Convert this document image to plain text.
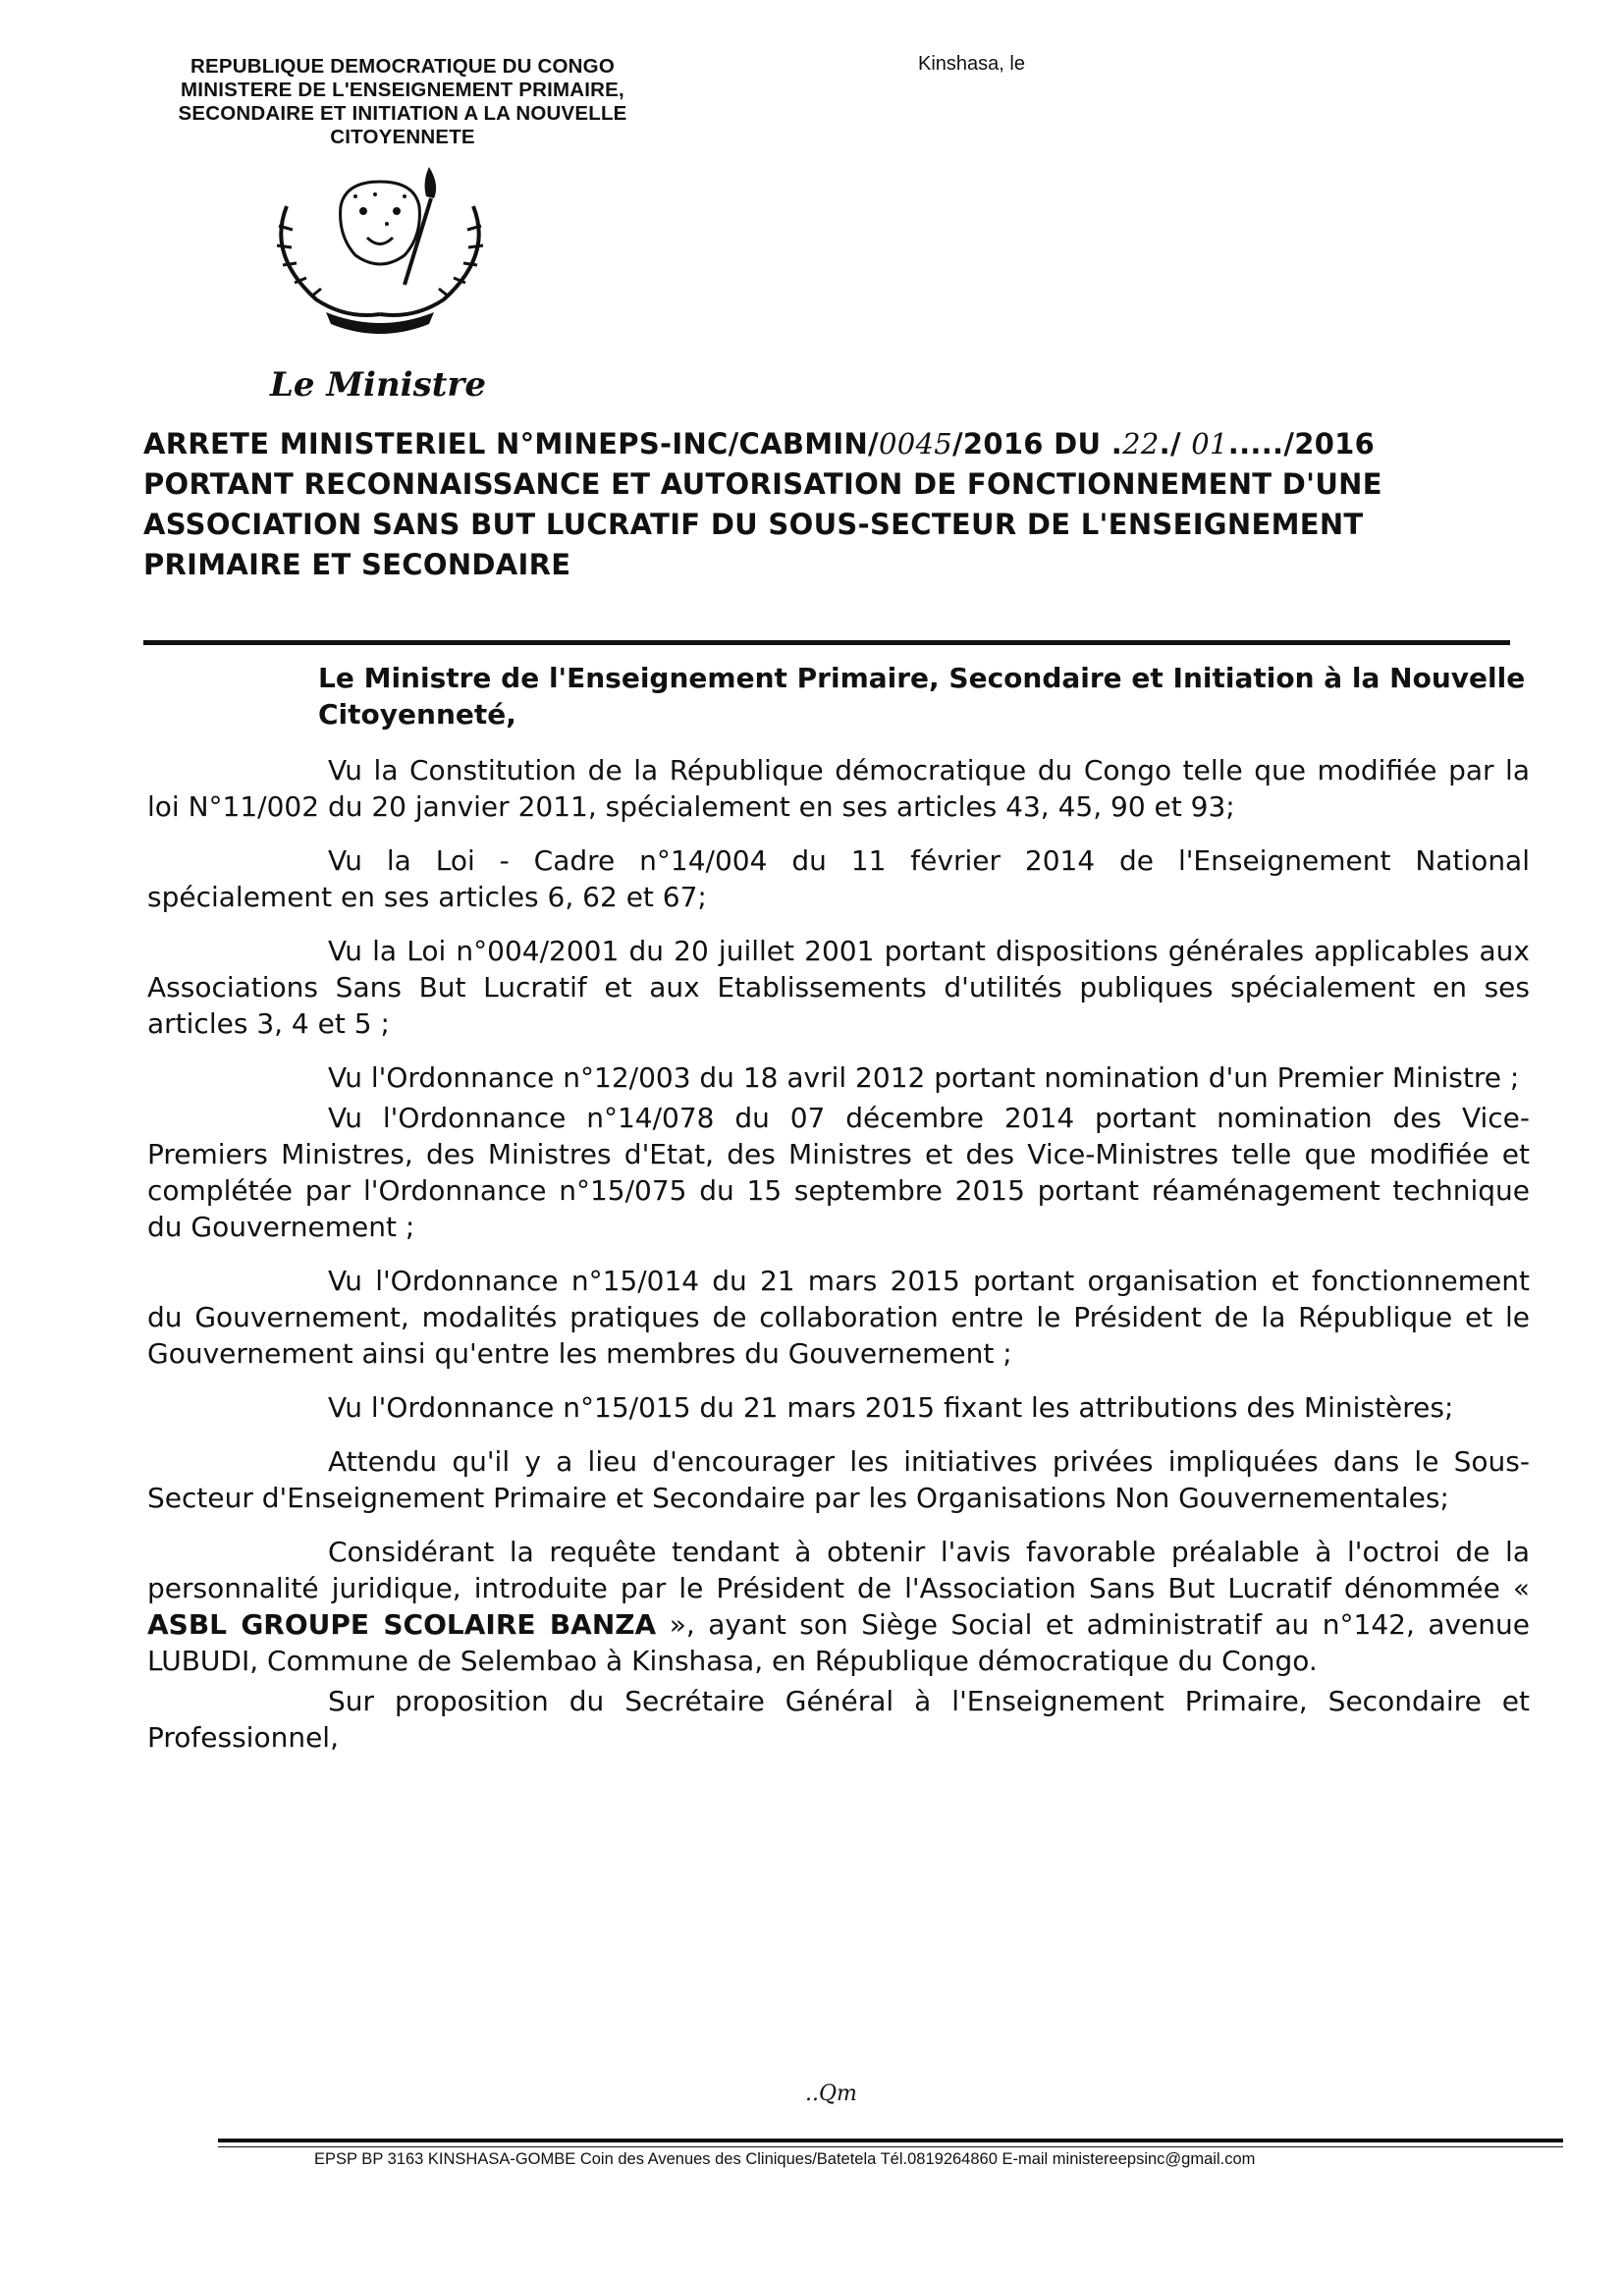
REPUBLIQUE DEMOCRATIQUE DU CONGO
MINISTERE DE L'ENSEIGNEMENT PRIMAIRE,
SECONDAIRE ET INITIATION A LA NOUVELLE
CITOYENNETE
Kinshasa, le
Le Ministre
ARRETE MINISTERIEL N°MINEPS-INC/CABMIN/0045/2016 DU .22./ 01...../2016
PORTANT RECONNAISSANCE ET AUTORISATION DE FONCTIONNEMENT D'UNE
ASSOCIATION SANS BUT LUCRATIF DU SOUS-SECTEUR DE L'ENSEIGNEMENT
PRIMAIRE ET SECONDAIRE

Le Ministre de l'Enseignement Primaire, Secondaire et Initiation à la Nouvelle Citoyenneté,

Vu la Constitution de la République démocratique du Congo telle que modifiée par la loi N°11/002 du 20 janvier 2011, spécialement en ses articles 43, 45, 90 et 93;

Vu la Loi - Cadre n°14/004 du 11 février 2014 de l'Enseignement National spécialement en ses articles 6, 62 et 67;

Vu la Loi n°004/2001 du 20 juillet 2001 portant dispositions générales applicables aux Associations Sans But Lucratif et aux Etablissements d'utilités publiques spécialement en ses articles 3, 4 et 5 ;

Vu l'Ordonnance n°12/003 du 18 avril 2012 portant nomination d'un Premier Ministre ;

Vu l'Ordonnance n°14/078 du 07 décembre 2014 portant nomination des Vice-Premiers Ministres, des Ministres d'Etat, des Ministres et des Vice-Ministres telle que modifiée et complétée par l'Ordonnance n°15/075 du 15 septembre 2015 portant réaménagement technique du Gouvernement ;

Vu l'Ordonnance n°15/014 du 21 mars 2015 portant organisation et fonctionnement du Gouvernement, modalités pratiques de collaboration entre le Président de la République et le Gouvernement ainsi qu'entre les membres du Gouvernement ;

Vu l'Ordonnance n°15/015 du 21 mars 2015 fixant les attributions des Ministères;

Attendu qu'il y a lieu d'encourager les initiatives privées impliquées dans le Sous-Secteur d'Enseignement Primaire et Secondaire par les Organisations Non Gouvernementales;

Considérant la requête tendant à obtenir l'avis favorable préalable à l'octroi de la personnalité juridique, introduite par le Président de l'Association Sans But Lucratif dénommée « ASBL GROUPE SCOLAIRE BANZA », ayant son Siège Social et administratif au n°142, avenue LUBUDI, Commune de Selembao à Kinshasa, en République démocratique du Congo.

Sur proposition du Secrétaire Général à l'Enseignement Primaire, Secondaire et Professionnel,

..Qm
EPSP BP 3163 KINSHASA-GOMBE Coin des Avenues des Cliniques/Batetela Tél.0819264860 E-mail ministereepsinc@gmail.com
